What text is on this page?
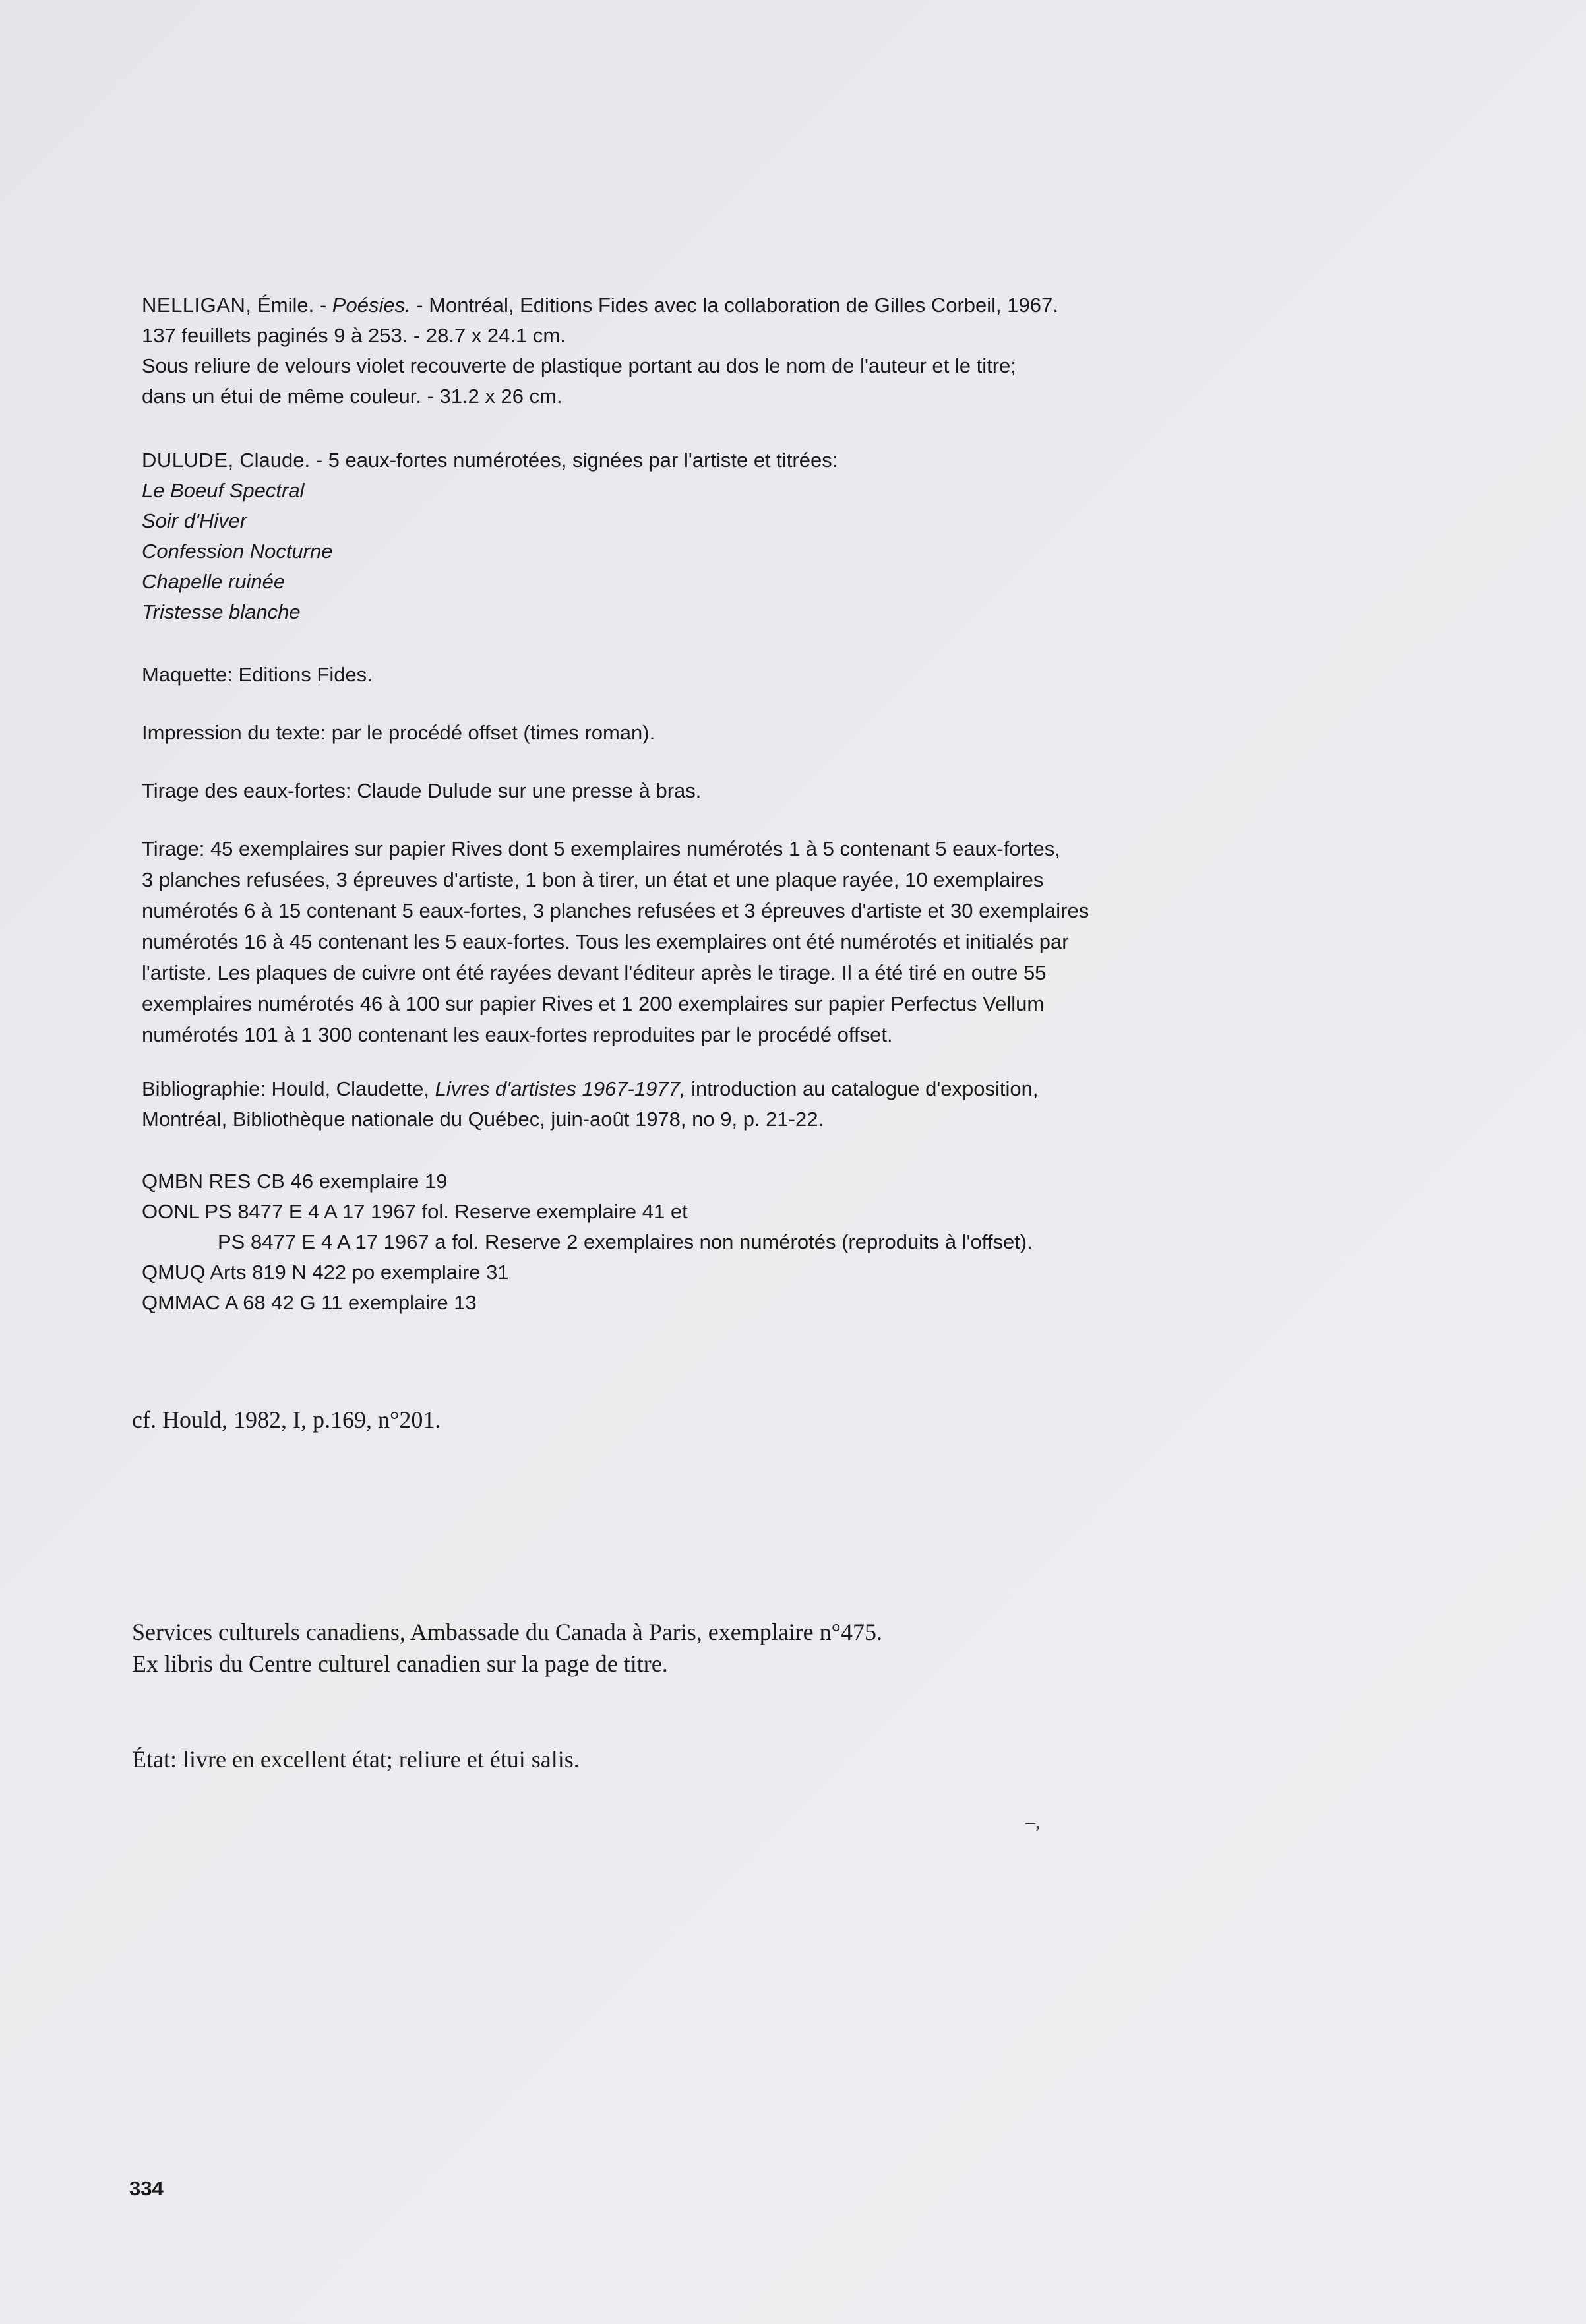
NELLIGAN, Émile. - Poésies. - Montréal, Editions Fides avec la collaboration de Gilles Corbeil, 1967.

137 feuillets paginés 9 à 253. - 28.7 x 24.1 cm.

Sous reliure de velours violet recouverte de plastique portant au dos le nom de l'auteur et le titre;

dans un étui de même couleur. - 31.2 x 26 cm.

DULUDE, Claude. - 5 eaux-fortes numérotées, signées par l'artiste et titrées:

Le Boeuf Spectral

Soir d'Hiver

Confession Nocturne

Chapelle ruinée

Tristesse blanche

Maquette: Editions Fides.

Impression du texte: par le procédé offset (times roman).

Tirage des eaux-fortes: Claude Dulude sur une presse à bras.

Tirage: 45 exemplaires sur papier Rives dont 5 exemplaires numérotés 1 à 5 contenant 5 eaux-fortes,

3 planches refusées, 3 épreuves d'artiste, 1 bon à tirer, un état et une plaque rayée, 10 exemplaires

numérotés 6 à 15 contenant 5 eaux-fortes, 3 planches refusées et 3 épreuves d'artiste et 30 exemplaires

numérotés 16 à 45 contenant les 5 eaux-fortes. Tous les exemplaires ont été numérotés et initialés par

l'artiste. Les plaques de cuivre ont été rayées devant l'éditeur après le tirage. Il a été tiré en outre 55

exemplaires numérotés 46 à 100 sur papier Rives et 1 200 exemplaires sur papier Perfectus Vellum

numérotés 101 à 1 300 contenant les eaux-fortes reproduites par le procédé offset.

Bibliographie: Hould, Claudette, Livres d'artistes 1967-1977, introduction au catalogue d'exposition,

Montréal, Bibliothèque nationale du Québec, juin-août 1978, no 9, p. 21-22.

QMBN RES CB 46 exemplaire 19

OONL PS 8477 E 4 A 17 1967 fol. Reserve exemplaire 41 et

PS 8477 E 4 A 17 1967 a fol. Reserve 2 exemplaires non numérotés (reproduits à l'offset).

QMUQ Arts 819 N 422 po exemplaire 31

QMMAC A 68 42 G 11 exemplaire 13

cf. Hould, 1982, I, p.169, n°201.

Services culturels canadiens, Ambassade du Canada à Paris, exemplaire n°475.

Ex libris du Centre culturel canadien sur la page de titre.

État: livre en excellent état; reliure et étui salis.

–,
334
